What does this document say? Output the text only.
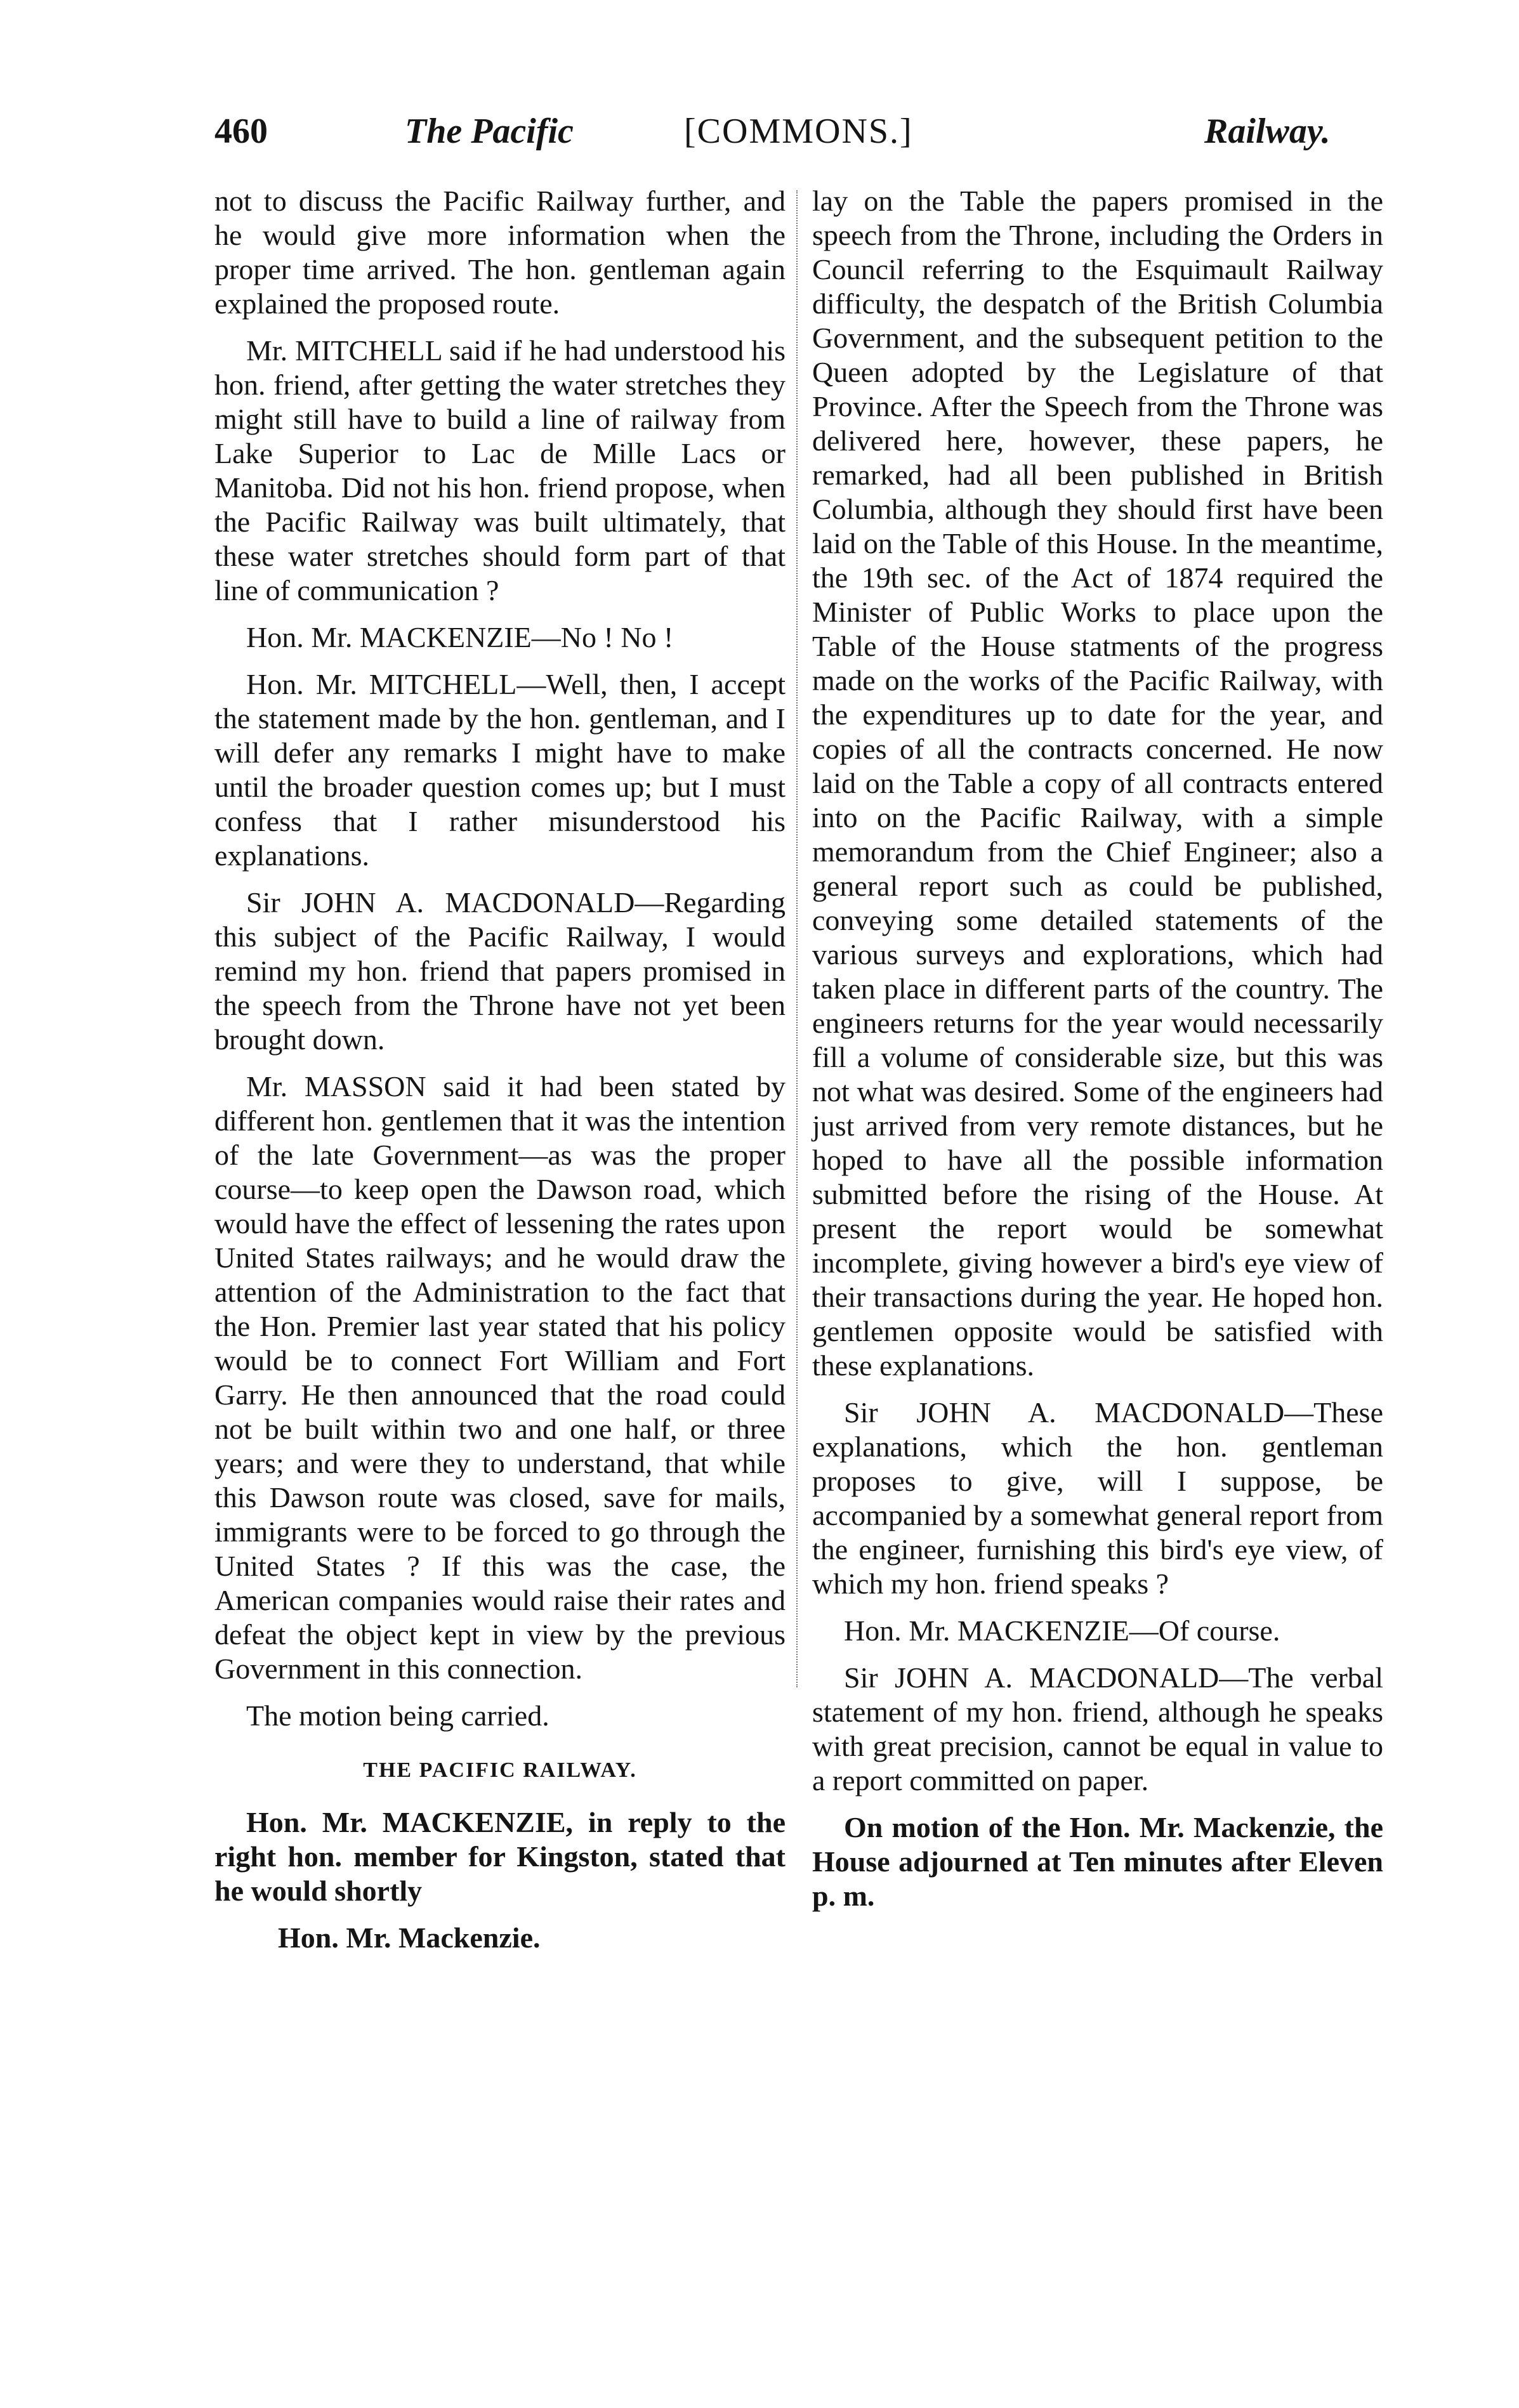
460	The Pacific	[COMMONS.]	Railway.

not to discuss the Pacific Railway further, and he would give more information when the proper time arrived. The hon. gentleman again explained the proposed route.

Mr. MITCHELL said if he had understood his hon. friend, after getting the water stretches they might still have to build a line of railway from Lake Superior to Lac de Mille Lacs or Manitoba. Did not his hon. friend propose, when the Pacific Railway was built ultimately, that these water stretches should form part of that line of communication ?

Hon. Mr. MACKENZIE—No ! No !

Hon. Mr. MITCHELL—Well, then, I accept the statement made by the hon. gentleman, and I will defer any remarks I might have to make until the broader question comes up; but I must confess that I rather misunderstood his explanations.

Sir JOHN A. MACDONALD—Regarding this subject of the Pacific Railway, I would remind my hon. friend that papers promised in the speech from the Throne have not yet been brought down.

Mr. MASSON said it had been stated by different hon. gentlemen that it was the intention of the late Government—as was the proper course—to keep open the Dawson road, which would have the effect of lessening the rates upon United States railways; and he would draw the attention of the Administration to the fact that the Hon. Premier last year stated that his policy would be to connect Fort William and Fort Garry. He then announced that the road could not be built within two and one half, or three years; and were they to understand, that while this Dawson route was closed, save for mails, immigrants were to be forced to go through the United States ? If this was the case, the American companies would raise their rates and defeat the object kept in view by the previous Government in this connection.

The motion being carried.

THE PACIFIC RAILWAY.

Hon. Mr. MACKENZIE, in reply to the right hon. member for Kingston, stated that he would shortly

Hon. Mr. Mackenzie.

lay on the Table the papers promised in the speech from the Throne, including the Orders in Council referring to the Esquimault Railway difficulty, the despatch of the British Columbia Government, and the subsequent petition to the Queen adopted by the Legislature of that Province. After the Speech from the Throne was delivered here, however, these papers, he remarked, had all been published in British Columbia, although they should first have been laid on the Table of this House. In the meantime, the 19th sec. of the Act of 1874 required the Minister of Public Works to place upon the Table of the House statments of the progress made on the works of the Pacific Railway, with the expenditures up to date for the year, and copies of all the contracts concerned. He now laid on the Table a copy of all contracts entered into on the Pacific Railway, with a simple memorandum from the Chief Engineer; also a general report such as could be published, conveying some detailed statements of the various surveys and explorations, which had taken place in different parts of the country. The engineers returns for the year would necessarily fill a volume of considerable size, but this was not what was desired. Some of the engineers had just arrived from very remote distances, but he hoped to have all the possible information submitted before the rising of the House. At present the report would be somewhat incomplete, giving however a bird's eye view of their transactions during the year. He hoped hon. gentlemen opposite would be satisfied with these explanations.

Sir JOHN A. MACDONALD—These explanations, which the hon. gentleman proposes to give, will I suppose, be accompanied by a somewhat general report from the engineer, furnishing this bird's eye view, of which my hon. friend speaks ?

Hon. Mr. MACKENZIE—Of course.

Sir JOHN A. MACDONALD—The verbal statement of my hon. friend, although he speaks with great precision, cannot be equal in value to a report committed on paper.

On motion of the Hon. Mr. Mackenzie, the House adjourned at Ten minutes after Eleven p. m.
